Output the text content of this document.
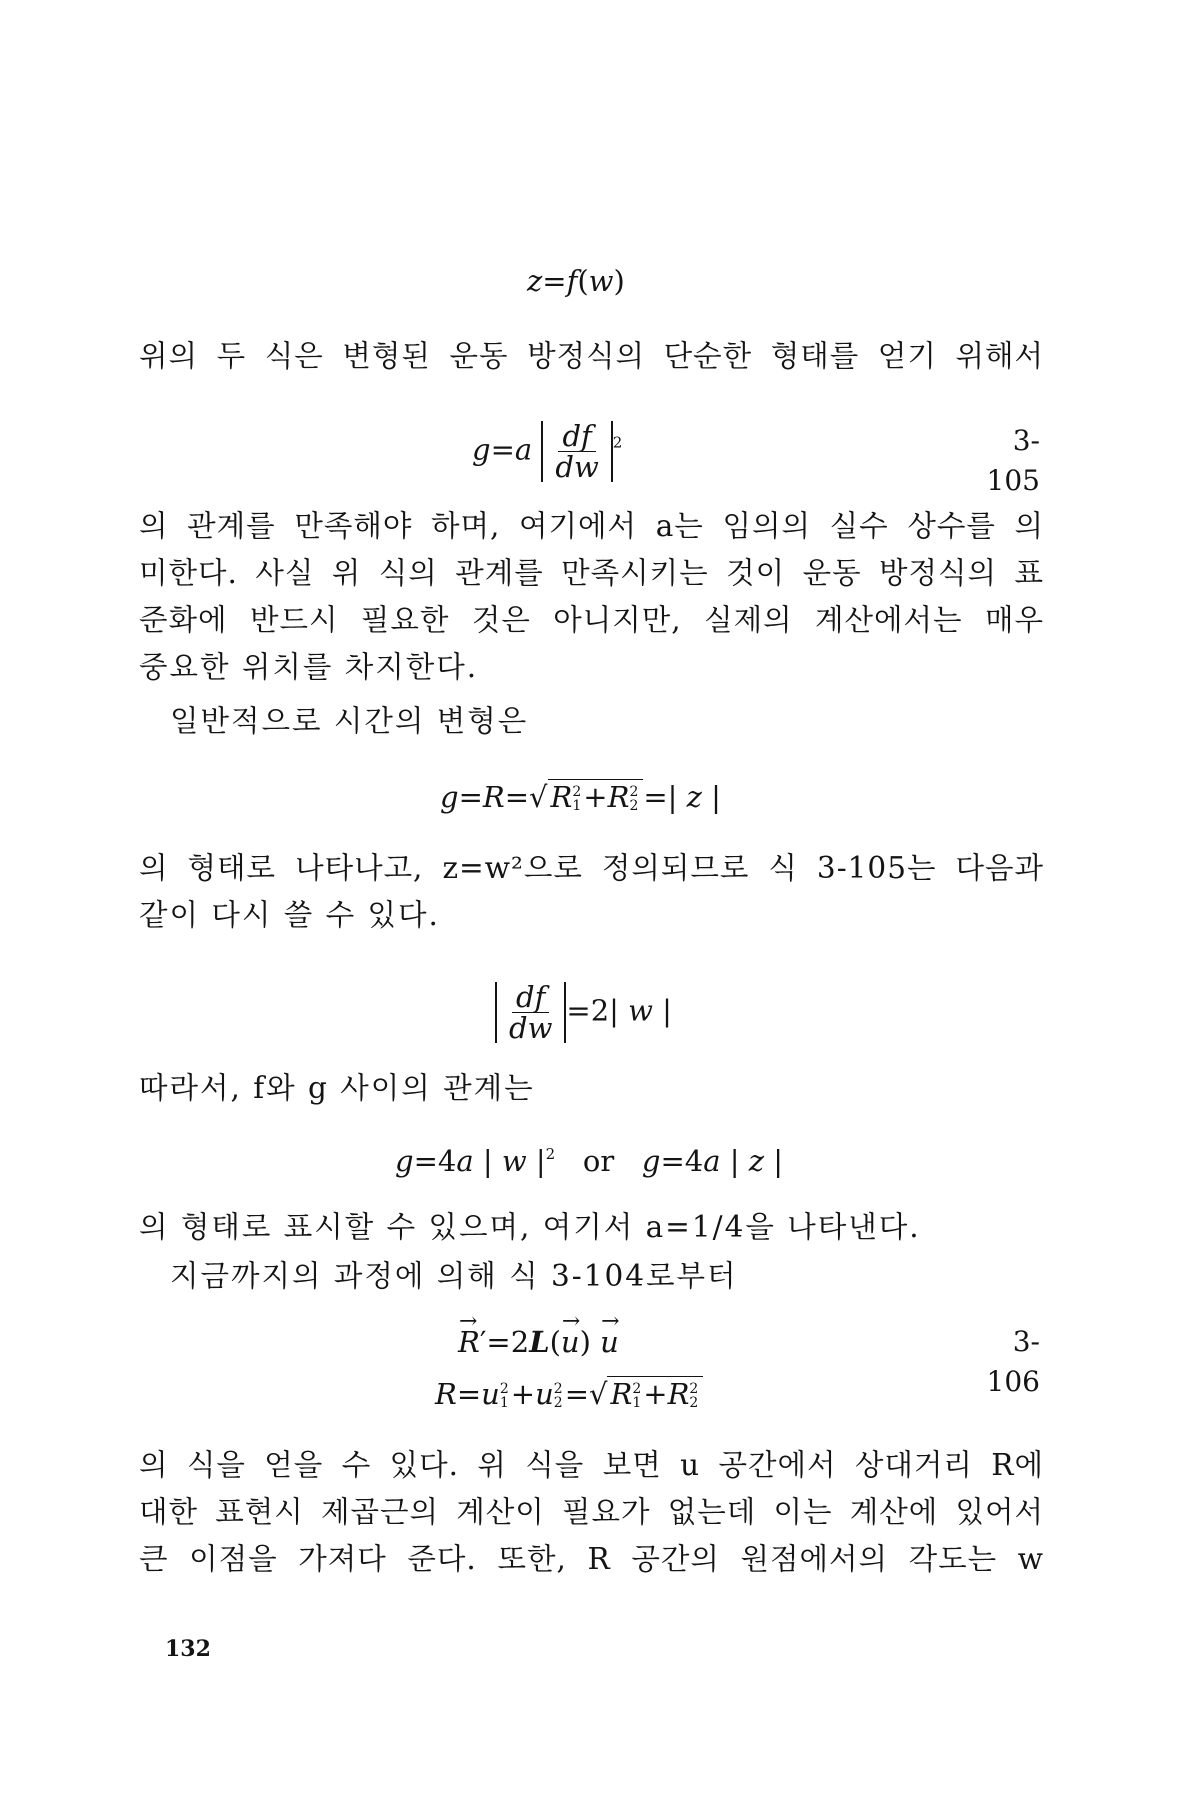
z=f(w)
위의 두 식은 변형된 운동 방정식의 단순한 형태를 얻기 위해서
$g=a \frac{df}{dw} ^2$	3-105
의 관계를 만족해야 하며, 여기에서 a는 임의의 실수 상수를 의
미한다. 사실 위 식의 관계를 만족시키는 것이 운동 방정식의 표
준화에 반드시 필요한 것은 아니지만, 실제의 계산에서는 매우
중요한 위치를 차지한다.
일반적으로 시간의 변형은
g=R=√ R 2
1 +R 2
2 =| z |
의 형태로 나타나고, z=w²으로 정의되므로 식 3-105는 다음과
같이 다시 쓸 수 있다.
$\frac{df}{dw} =2|$ w |
따라서, f와 g 사이의 관계는
g=4a | w $|^2$   or   g=4a | z |
의 형태로 표시할 수 있으며, 여기서 a=1/4을 나타낸다.
지금까지의 과정에 의해 식 3-104로부터
→ R′=2L(→ u) → u	3-106
R=u 2
1 +u 2
2 =√ R 2
1 +R 2
2
의 식을 얻을 수 있다. 위 식을 보면 u 공간에서 상대거리 R에
대한 표현시 제곱근의 계산이 필요가 없는데 이는 계산에 있어서
큰 이점을 가져다 준다. 또한, R 공간의 원점에서의 각도는 w
132
